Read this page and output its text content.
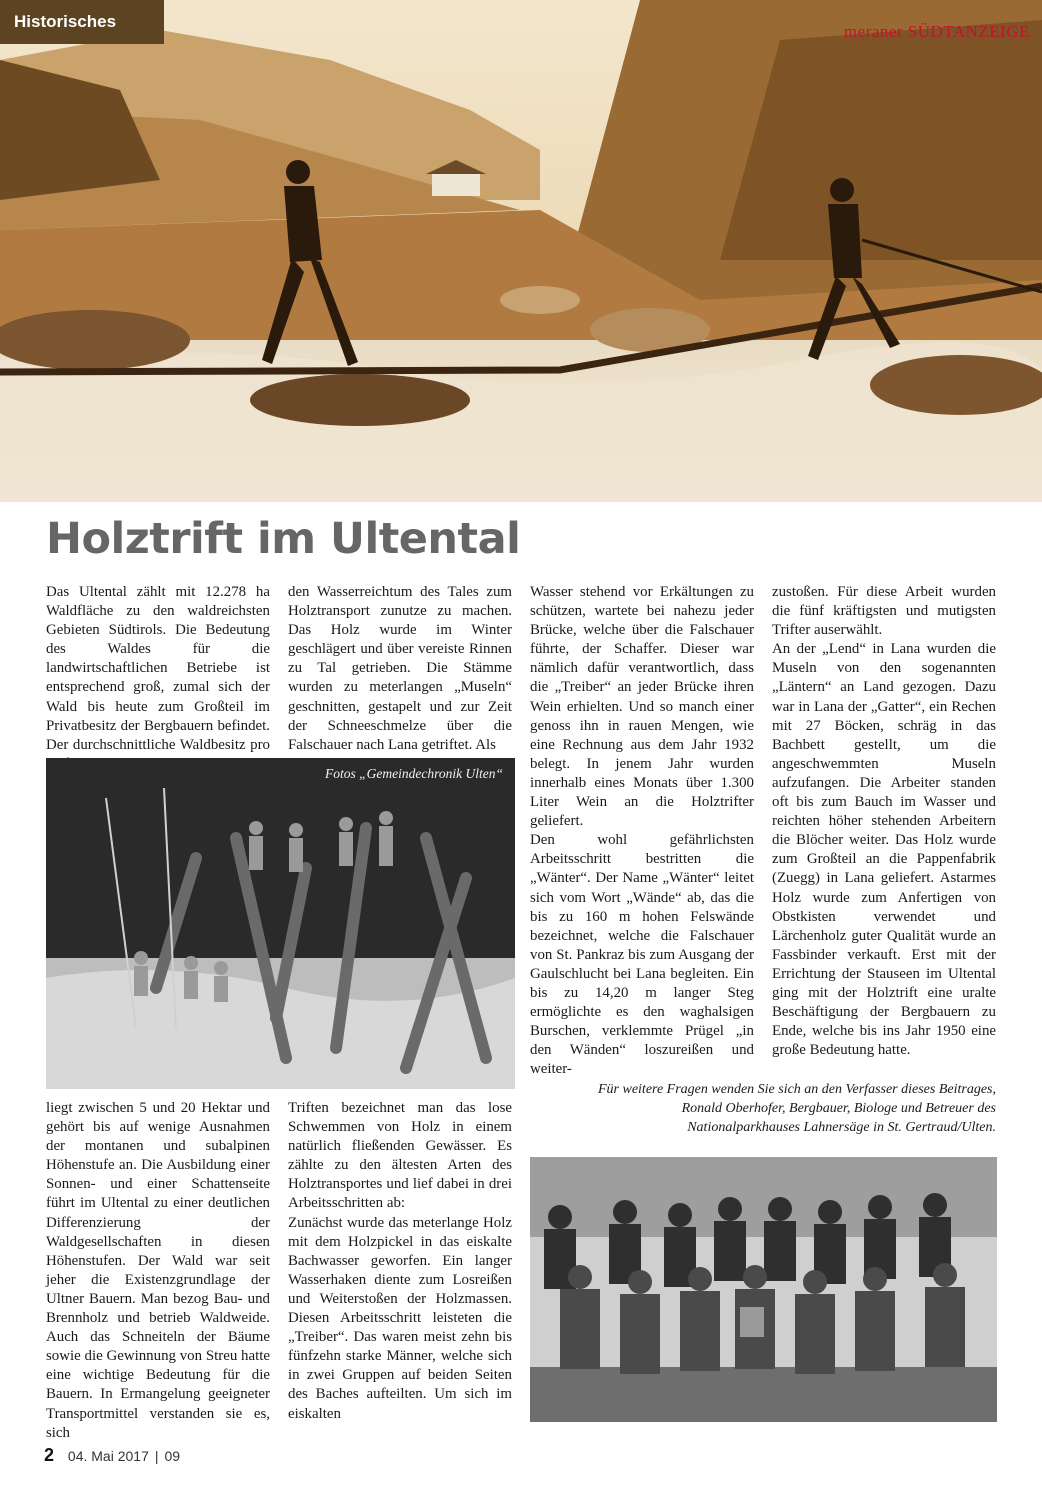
Historisches
meraner SÜDTANZEIGE
Holztrift im Ultental

Das Ultental zählt mit 12.278 ha Waldfläche zu den waldreichsten Gebieten Südtirols. Die Bedeutung des Waldes für die landwirtschaftlichen Betriebe ist entsprechend groß, zumal sich der Wald bis heute zum Großteil im Privatbesitz der Bergbauern befindet. Der durchschnittliche Waldbesitz pro

den Wasserreichtum des Tales zum Holztransport zunutze zu machen. Das Holz wurde im Winter geschlägert und über vereiste Rinnen zu Tal getrieben. Die Stämme wurden zu meterlangen „Museln“ geschnitten, gestapelt und zur Zeit der Schneeschmelze über die Falschauer nach Lana getriftet. Als

Wasser stehend vor Erkältungen zu schützen, wartete bei nahezu jeder Brücke, welche über die Falschauer führte, der Schaffer. Dieser war nämlich dafür verantwortlich, dass die „Treiber“ an jeder Brücke ihren Wein erhielten. Und so manch einer genoss ihn in rauen Mengen, wie eine Rechnung aus dem Jahr 1932 belegt. In jenem Jahr wurden innerhalb eines Monats über 1.300 Liter Wein an die Holztrifter geliefert.

Den wohl gefährlichsten Arbeitsschritt bestritten die „Wänter“. Der Name „Wänter“ leitet sich vom Wort „Wände“ ab, das die bis zu 160 m hohen Felswände bezeichnet, welche die Falschauer von St. Pankraz bis zum Ausgang der Gaulschlucht bei Lana begleiten. Ein bis zu 14,20 m langer Steg ermöglichte es den waghalsigen Burschen, verklemmte Prügel „in den Wänden“ loszureißen und weiter-

zustoßen. Für diese Arbeit wurden die fünf kräftigsten und mutigsten Trifter auserwählt.

An der „Lend“ in Lana wurden die Museln von den sogenannten „Läntern“ an Land gezogen. Dazu war in Lana der „Gatter“, ein Rechen mit 27 Böcken, schräg in das Bachbett gestellt, um die angeschwemmten Museln aufzufangen. Die Arbeiter standen oft bis zum Bauch im Wasser und reichten höher stehenden Arbeitern die Blöcher weiter. Das Holz wurde zum Großteil an die Pappenfabrik (Zuegg) in Lana geliefert. Astarmes Holz wurde zum Anfertigen von Obstkisten verwendet und Lärchenholz guter Qualität wurde an Fassbinder verkauft. Erst mit der Errichtung der Stauseen im Ultental ging mit der Holztrift eine uralte Beschäftigung der Bergbauern zu Ende, welche bis ins Jahr 1950 eine große Bedeutung hatte.

Fotos „Gemeindechronik Ulten“

liegt zwischen 5 und 20 Hektar und gehört bis auf wenige Ausnahmen der montanen und subalpinen Höhenstufe an. Die Ausbildung einer Sonnen- und einer Schattenseite führt im Ultental zu einer deutlichen Differenzierung der Waldgesellschaften in diesen Höhenstufen. Der Wald war seit jeher die Existenzgrundlage der Ultner Bauern. Man bezog Bau- und Brennholz und betrieb Waldweide. Auch das Schneiteln der Bäume sowie die Gewinnung von Streu hatte eine wichtige Bedeutung für die Bauern. In Ermangelung geeigneter Transportmittel verstanden sie es, sich

Triften bezeichnet man das lose Schwemmen von Holz in einem natürlich fließenden Gewässer. Es zählte zu den ältesten Arten des Holztransportes und lief dabei in drei Arbeitsschritten ab:

Zunächst wurde das meterlange Holz mit dem Holzpickel in das eiskalte Bachwasser geworfen. Ein langer Wasserhaken diente zum Losreißen und Weiterstoßen der Holzmassen. Diesen Arbeitsschritt leisteten die „Treiber“. Das waren meist zehn bis fünfzehn starke Männer, welche sich in zwei Gruppen auf beiden Seiten des Baches aufteilten. Um sich im eiskalten

Für weitere Fragen wenden Sie sich an den Verfasser dieses Beitrages,
Ronald Oberhofer, Bergbauer, Biologe und Betreuer des
Nationalparkhauses Lahnersäge in St. Gertraud/Ulten.

2 04. Mai 2017 | 09
